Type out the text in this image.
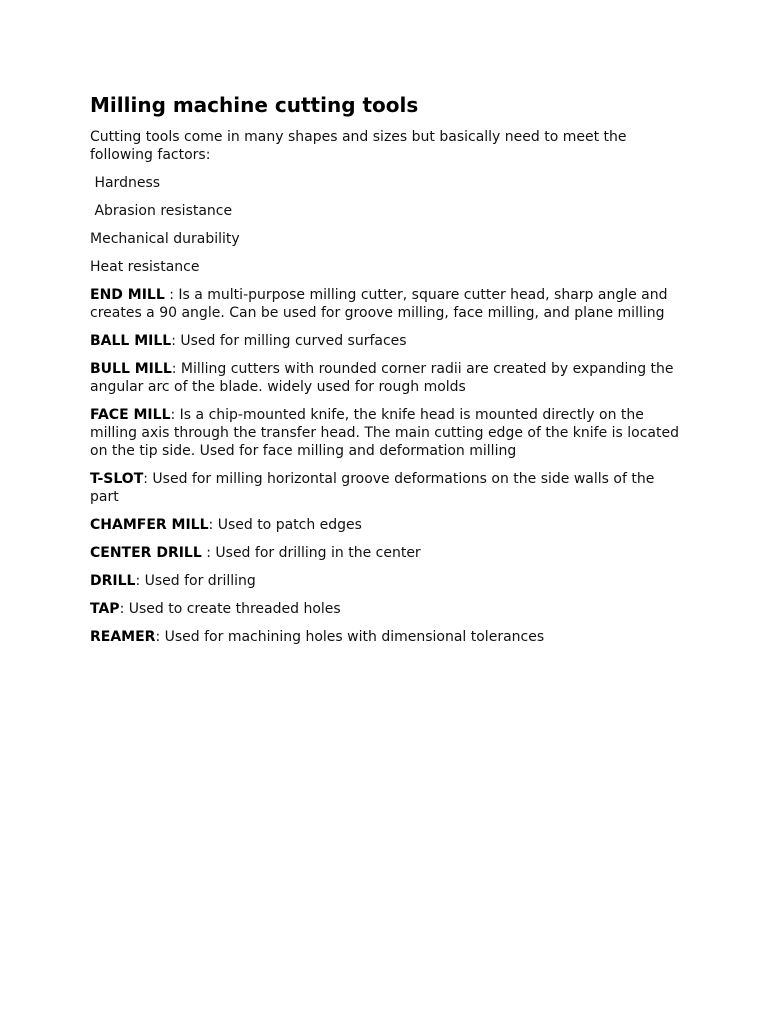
Milling machine cutting tools

Cutting tools come in many shapes and sizes but basically need to meet the following factors:

Hardness

Abrasion resistance

Mechanical durability

Heat resistance

END MILL : Is a multi-purpose milling cutter, square cutter head, sharp angle and creates a 90 angle. Can be used for groove milling, face milling, and plane milling

BALL MILL: Used for milling curved surfaces

BULL MILL: Milling cutters with rounded corner radii are created by expanding the angular arc of the blade. widely used for rough molds

FACE MILL: Is a chip-mounted knife, the knife head is mounted directly on the milling axis through the transfer head. The main cutting edge of the knife is located on the tip side. Used for face milling and deformation milling

T-SLOT: Used for milling horizontal groove deformations on the side walls of the part

CHAMFER MILL: Used to patch edges

CENTER DRILL : Used for drilling in the center

DRILL: Used for drilling

TAP: Used to create threaded holes

REAMER: Used for machining holes with dimensional tolerances
